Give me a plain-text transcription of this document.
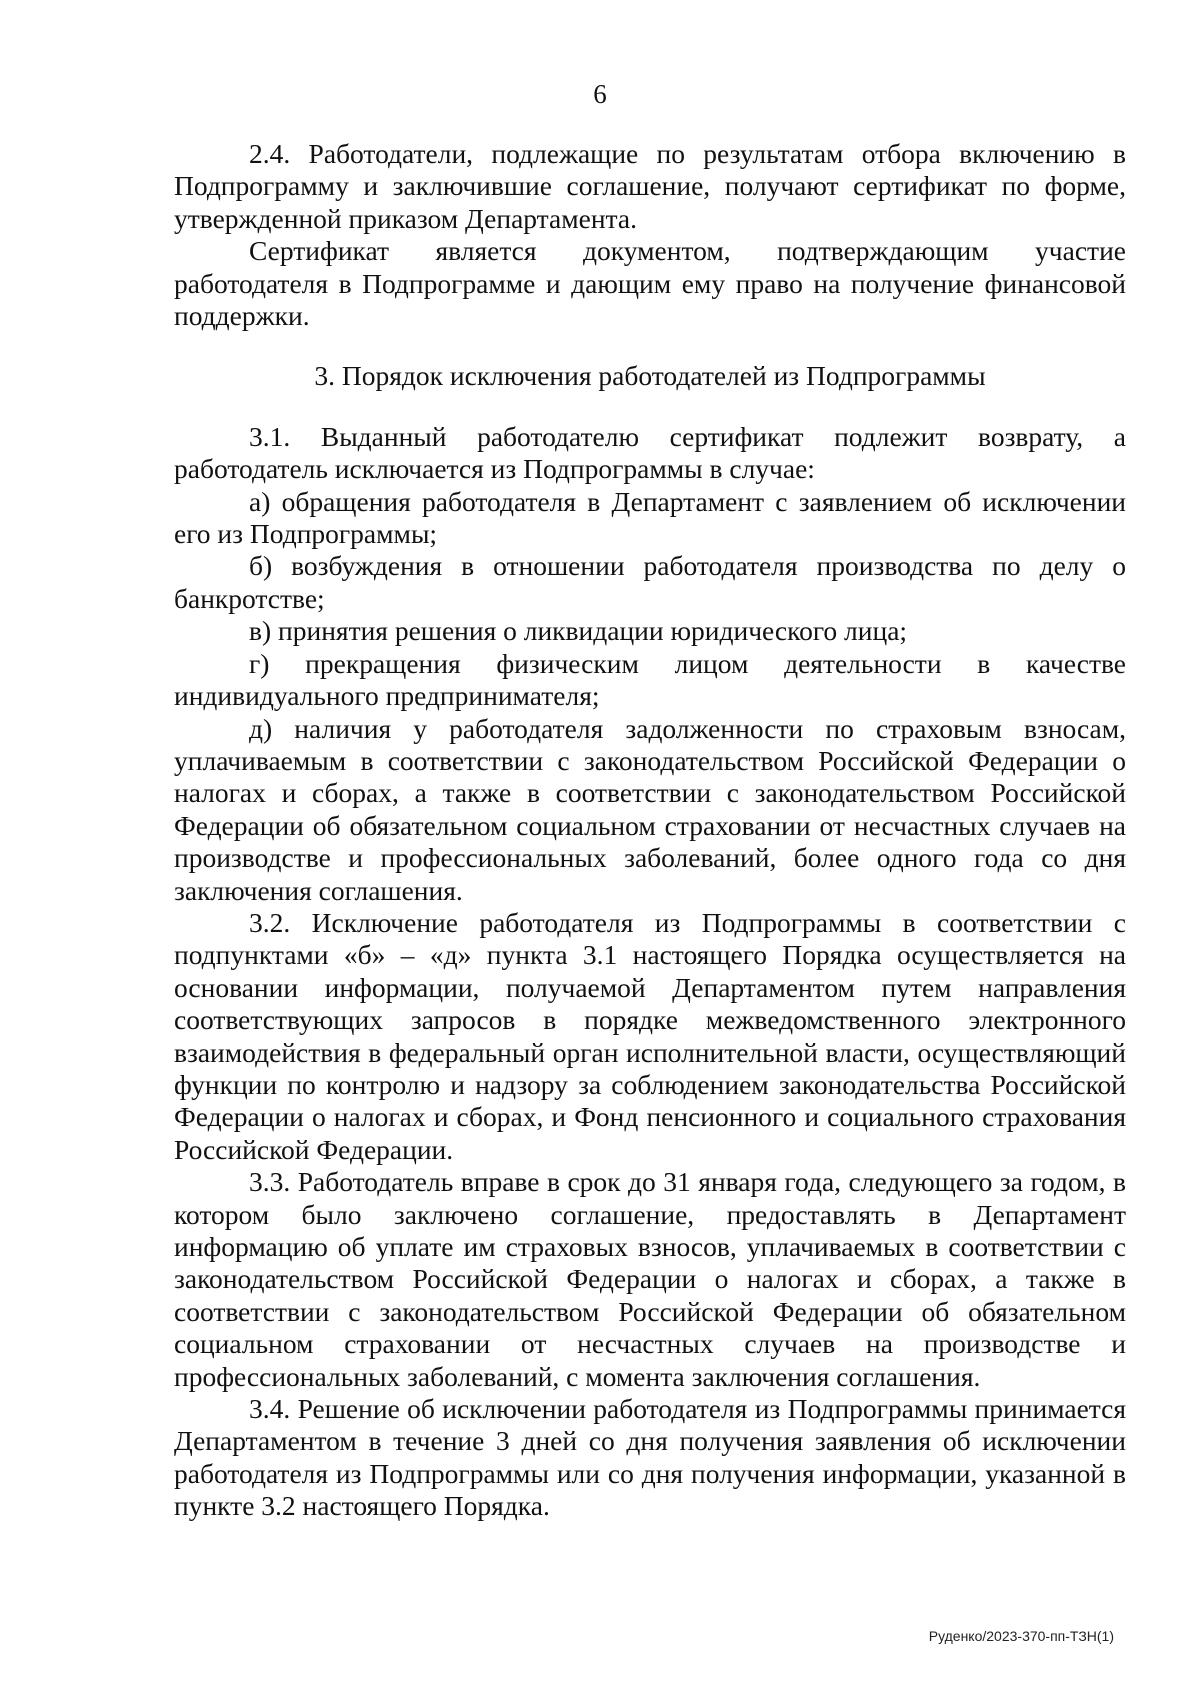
6

2.4. Работодатели, подлежащие по результатам отбора включению в Подпрограмму и заключившие соглашение, получают сертификат по форме, утвержденной приказом Департамента.

Сертификат является документом, подтверждающим участие работодателя в Подпрограмме и дающим ему право на получение финансовой поддержки.

3. Порядок исключения работодателей из Подпрограммы

3.1. Выданный работодателю сертификат подлежит возврату, а работодатель исключается из Подпрограммы в случае:

а) обращения работодателя в Департамент с заявлением об исключении его из Подпрограммы;

б) возбуждения в отношении работодателя производства по делу о банкротстве;

в) принятия решения о ликвидации юридического лица;

г) прекращения физическим лицом деятельности в качестве индивидуального предпринимателя;

д) наличия у работодателя задолженности по страховым взносам, уплачиваемым в соответствии с законодательством Российской Федерации о налогах и сборах, а также в соответствии с законодательством Российской Федерации об обязательном социальном страховании от несчастных случаев на производстве и профессиональных заболеваний, более одного года со дня заключения соглашения.

3.2. Исключение работодателя из Подпрограммы в соответствии с подпунктами «б» – «д» пункта 3.1 настоящего Порядка осуществляется на основании информации, получаемой Департаментом путем направления соответствующих запросов в порядке межведомственного электронного взаимодействия в федеральный орган исполнительной власти, осуществляющий функции по контролю и надзору за соблюдением законодательства Российской Федерации о налогах и сборах, и Фонд пенсионного и социального страхования Российской Федерации.

3.3. Работодатель вправе в срок до 31 января года, следующего за годом, в котором было заключено соглашение, предоставлять в Департамент информацию об уплате им страховых взносов, уплачиваемых в соответствии с законодательством Российской Федерации о налогах и сборах, а также в соответствии с законодательством Российской Федерации об обязательном социальном страховании от несчастных случаев на производстве и профессиональных заболеваний, с момента заключения соглашения.

3.4. Решение об исключении работодателя из Подпрограммы принимается Департаментом в течение 3 дней со дня получения заявления об исключении работодателя из Подпрограммы или со дня получения информации, указанной в пункте 3.2 настоящего Порядка.

Руденко/2023-370-пп-ТЗН(1)
